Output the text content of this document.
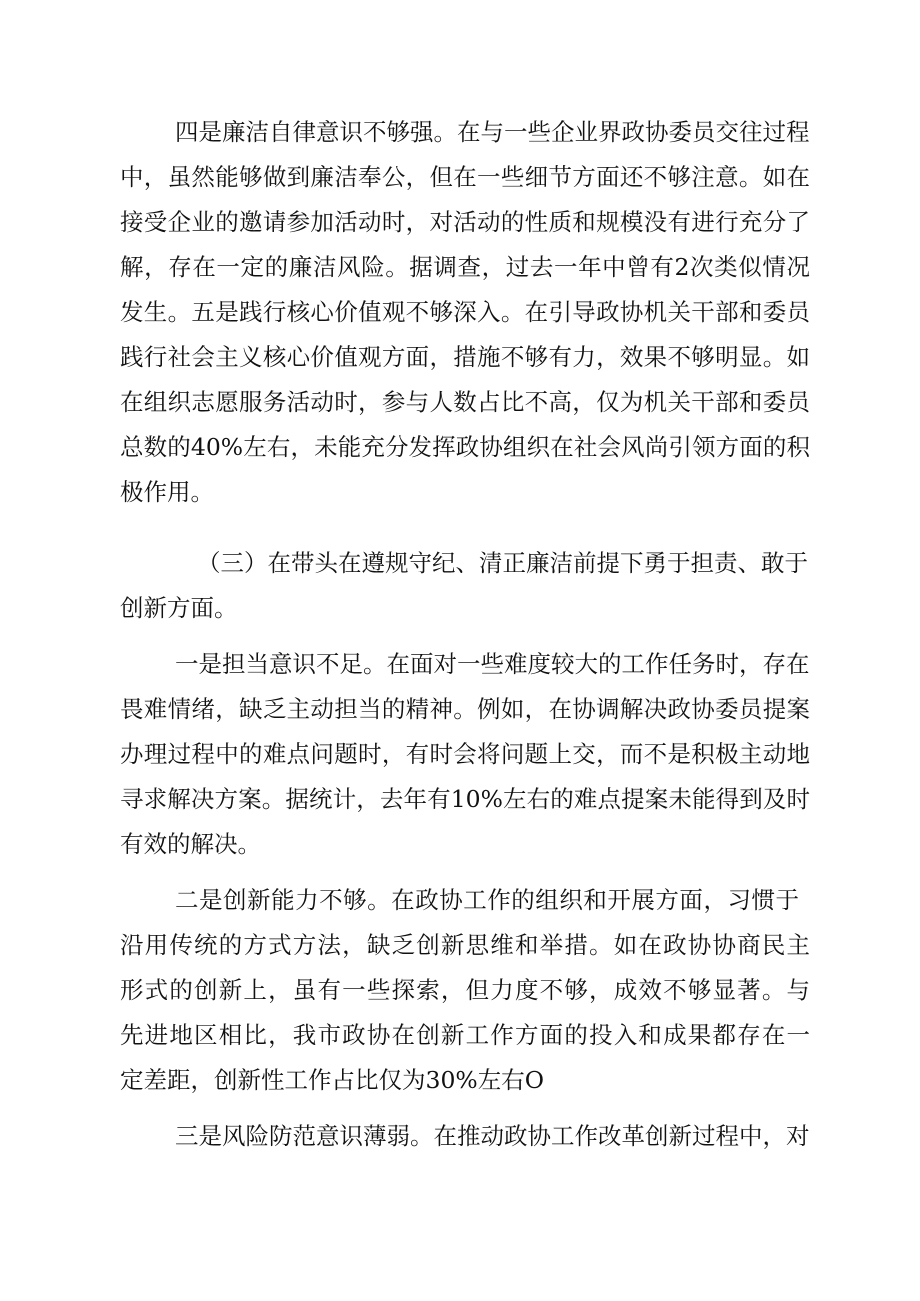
四是廉洁自律意识不够强。在与一些企业界政协委员交往过程
中，虽然能够做到廉洁奉公，但在一些细节方面还不够注意。如在
接受企业的邀请参加活动时，对活动的性质和规模没有进行充分了
解，存在一定的廉洁风险。据调查，过去一年中曾有2次类似情况
发生。五是践行核心价值观不够深入。在引导政协机关干部和委员
践行社会主义核心价值观方面，措施不够有力，效果不够明显。如
在组织志愿服务活动时，参与人数占比不高，仅为机关干部和委员
总数的40%左右，未能充分发挥政协组织在社会风尚引领方面的积
极作用。
（三）在带头在遵规守纪、清正廉洁前提下勇于担责、敢于
创新方面。
一是担当意识不足。在面对一些难度较大的工作任务时，存在
畏难情绪，缺乏主动担当的精神。例如，在协调解决政协委员提案
办理过程中的难点问题时，有时会将问题上交，而不是积极主动地
寻求解决方案。据统计，去年有10%左右的难点提案未能得到及时
有效的解决。
二是创新能力不够。在政协工作的组织和开展方面，习惯于
沿用传统的方式方法，缺乏创新思维和举措。如在政协协商民主
形式的创新上，虽有一些探索，但力度不够，成效不够显著。与
先进地区相比，我市政协在创新工作方面的投入和成果都存在一
定差距，创新性工作占比仅为30%左右O
三是风险防范意识薄弱。在推动政协工作改革创新过程中，对
